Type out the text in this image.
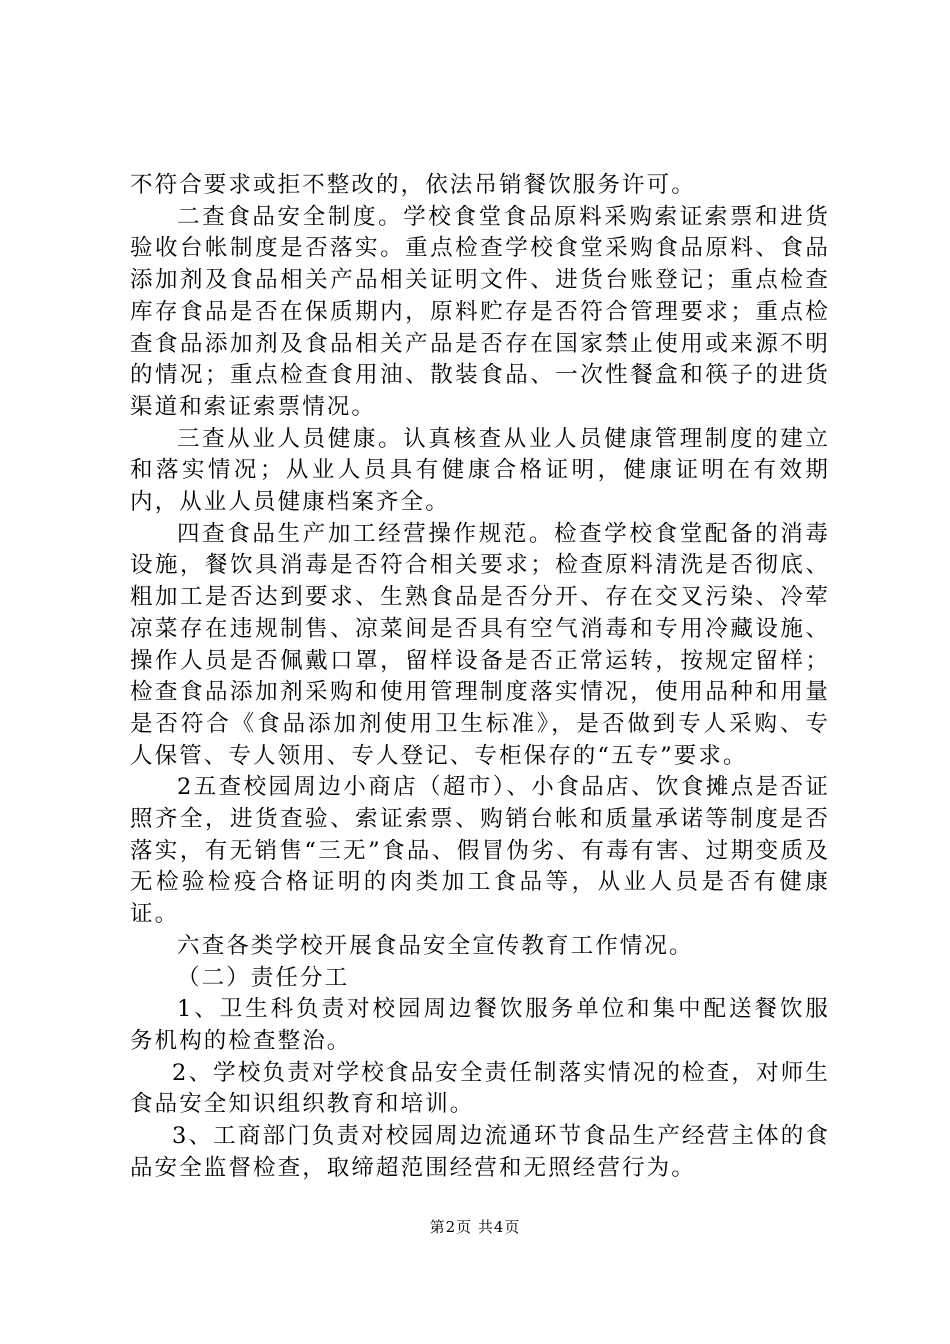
不符合要求或拒不整改的，依法吊销餐饮服务许可。

二查食品安全制度。学校食堂食品原料采购索证索票和进货验收台帐制度是否落实。重点检查学校食堂采购食品原料、食品添加剂及食品相关产品相关证明文件、进货台账登记；重点检查库存食品是否在保质期内，原料贮存是否符合管理要求；重点检查食品添加剂及食品相关产品是否存在国家禁止使用或来源不明的情况；重点检查食用油、散装食品、一次性餐盒和筷子的进货渠道和索证索票情况。

三查从业人员健康。认真核查从业人员健康管理制度的建立和落实情况；从业人员具有健康合格证明，健康证明在有效期内，从业人员健康档案齐全。

四查食品生产加工经营操作规范。检查学校食堂配备的消毒设施，餐饮具消毒是否符合相关要求；检查原料清洗是否彻底、粗加工是否达到要求、生熟食品是否分开、存在交叉污染、冷荤凉菜存在违规制售、凉菜间是否具有空气消毒和专用冷藏设施、操作人员是否佩戴口罩，留样设备是否正常运转，按规定留样；检查食品添加剂采购和使用管理制度落实情况，使用品种和用量是否符合《食品添加剂使用卫生标准》，是否做到专人采购、专人保管、专人领用、专人登记、专柜保存的“五专”要求。

2五查校园周边小商店（超市）、小食品店、饮食摊点是否证照齐全，进货查验、索证索票、购销台帐和质量承诺等制度是否落实，有无销售“三无”食品、假冒伪劣、有毒有害、过期变质及无检验检疫合格证明的肉类加工食品等，从业人员是否有健康证。

六查各类学校开展食品安全宣传教育工作情况。

（二）责任分工

1、卫生科负责对校园周边餐饮服务单位和集中配送餐饮服务机构的检查整治。

2、学校负责对学校食品安全责任制落实情况的检查，对师生食品安全知识组织教育和培训。

3、工商部门负责对校园周边流通环节食品生产经营主体的食品安全监督检查，取缔超范围经营和无照经营行为。

第2页 共4页
